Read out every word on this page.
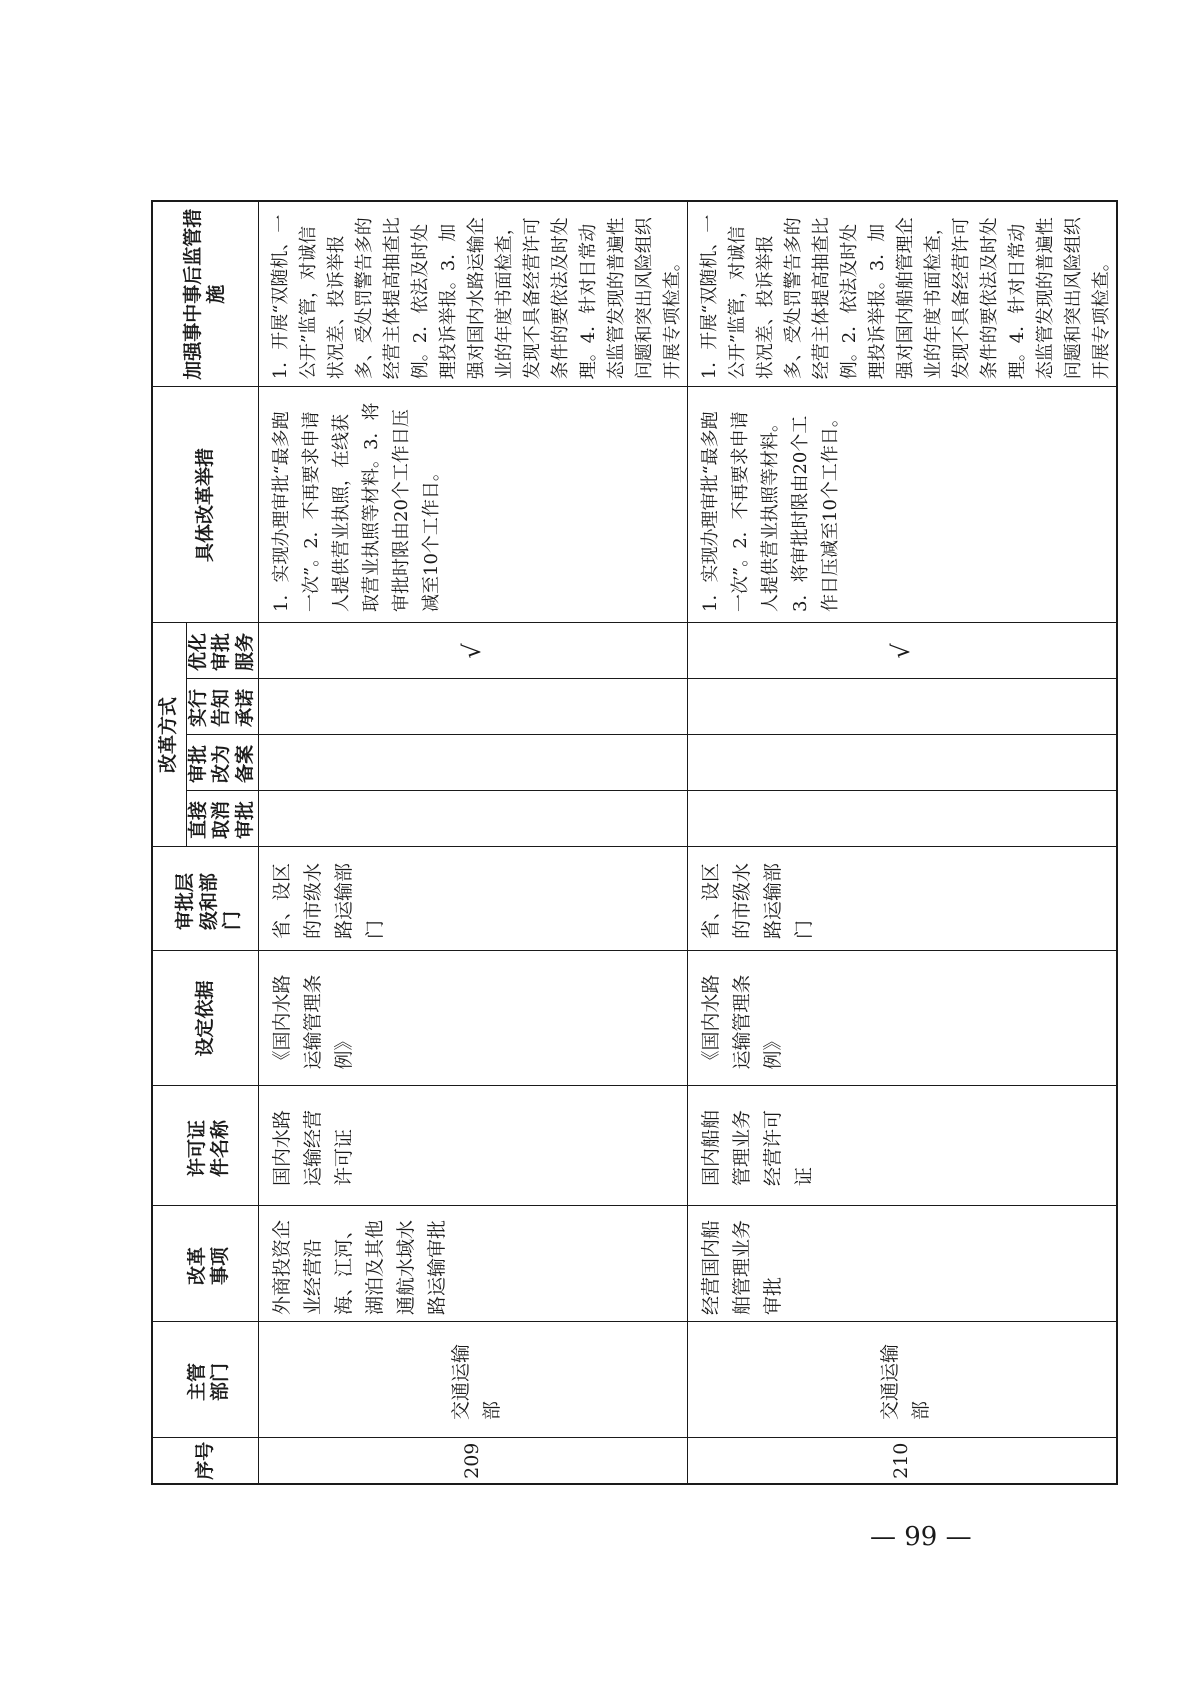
序号	主管部门	改革事项	许可证件名称	设定依据	审批层级和部门	改革方式				具体改革举措	加强事中事后监管措施

						直接取消审批	审批改为备案	实行告知承诺	优化审批服务		

209	交通运输部	外商投资企业经营沿海、江河、湖泊及其他通航水域水路运输审批	国内水路运输经营许可证	《国内水路运输管理条例》	省、设区的市级水路运输部门				√	1．实现办理审批“最多跑一次”。2．不再要求申请人提供营业执照，在线获取营业执照等材料。3．将审批时限由20个工作日压减至10个工作日。	1．开展“双随机、一公开”监管，对诚信状况差、投诉举报多、受处罚警告多的经营主体提高抽查比例。2．依法及时处理投诉举报。3．加强对国内水路运输企业的年度书面检查，发现不具备经营许可条件的要依法及时处理。4．针对日常动态监管发现的普遍性问题和突出风险组织开展专项检查。

210	交通运输部	经营国内船舶管理业务审批	国内船舶管理业务经营许可证	《国内水路运输管理条例》	省、设区的市级水路运输部门				√	1．实现办理审批“最多跑一次”。2．不再要求申请人提供营业执照等材料。3．将审批时限由20个工作日压减至10个工作日。	1．开展“双随机、一公开”监管，对诚信状况差、投诉举报多、受处罚警告多的经营主体提高抽查比例。2．依法及时处理投诉举报。3．加强对国内船舶管理企业的年度书面检查，发现不具备经营许可条件的要依法及时处理。4．针对日常动态监管发现的普遍性问题和突出风险组织开展专项检查。
— 99 —
